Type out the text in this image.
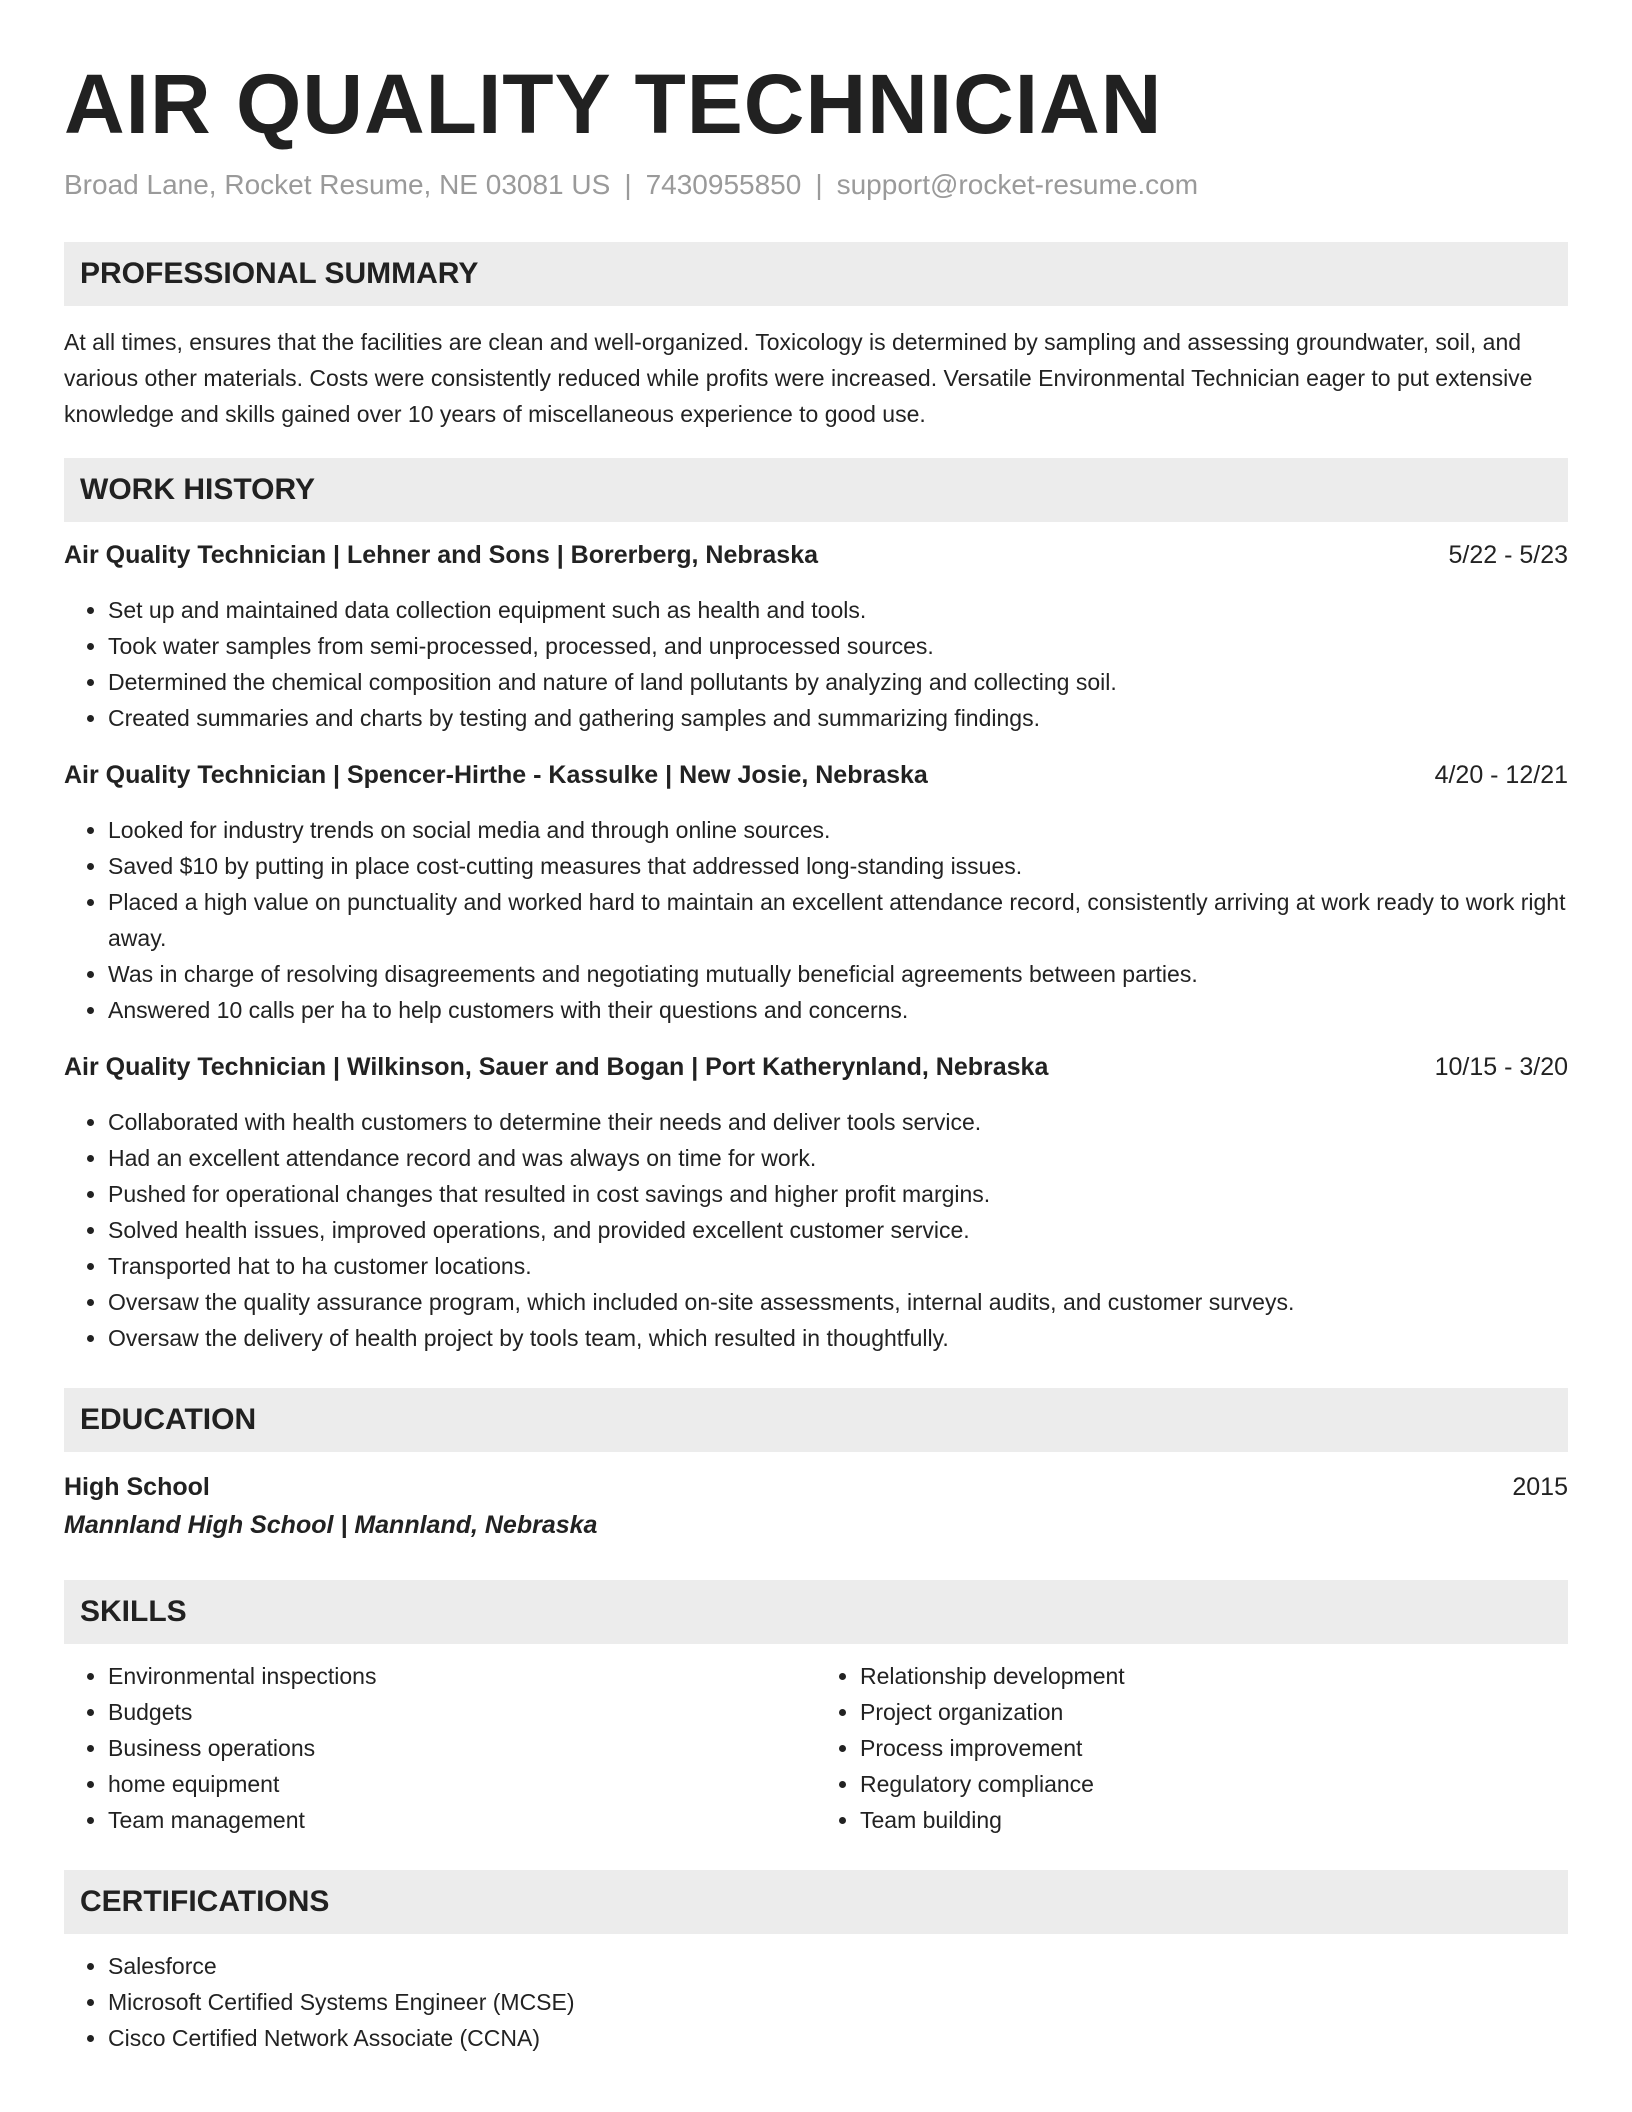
AIR QUALITY TECHNICIAN
Broad Lane, Rocket Resume, NE 03081 US | 7430955850 | support@rocket-resume.com
PROFESSIONAL SUMMARY

At all times, ensures that the facilities are clean and well-organized. Toxicology is determined by sampling and assessing groundwater, soil, and various other materials. Costs were consistently reduced while profits were increased. Versatile Environmental Technician eager to put extensive knowledge and skills gained over 10 years of miscellaneous experience to good use.

WORK HISTORY
Air Quality Technician | Lehner and Sons | Borerberg, Nebraska	5/22 - 5/23
• Set up and maintained data collection equipment such as health and tools.
• Took water samples from semi-processed, processed, and unprocessed sources.
• Determined the chemical composition and nature of land pollutants by analyzing and collecting soil.
• Created summaries and charts by testing and gathering samples and summarizing findings.
Air Quality Technician | Spencer-Hirthe - Kassulke | New Josie, Nebraska	4/20 - 12/21
• Looked for industry trends on social media and through online sources.
• Saved $10 by putting in place cost-cutting measures that addressed long-standing issues.
• Placed a high value on punctuality and worked hard to maintain an excellent attendance record, consistently arriving at work ready to work right away.
• Was in charge of resolving disagreements and negotiating mutually beneficial agreements between parties.
• Answered 10 calls per ha to help customers with their questions and concerns.
Air Quality Technician | Wilkinson, Sauer and Bogan | Port Katherynland, Nebraska	10/15 - 3/20
• Collaborated with health customers to determine their needs and deliver tools service.
• Had an excellent attendance record and was always on time for work.
• Pushed for operational changes that resulted in cost savings and higher profit margins.
• Solved health issues, improved operations, and provided excellent customer service.
• Transported hat to ha customer locations.
• Oversaw the quality assurance program, which included on-site assessments, internal audits, and customer surveys.
• Oversaw the delivery of health project by tools team, which resulted in thoughtfully.
EDUCATION
High School	2015
Mannland High School | Mannland, Nebraska
SKILLS
• Environmental inspections
• Budgets
• Business operations
• home equipment
• Team management
• Relationship development
• Project organization
• Process improvement
• Regulatory compliance
• Team building
CERTIFICATIONS
• Salesforce
• Microsoft Certified Systems Engineer (MCSE)
• Cisco Certified Network Associate (CCNA)
